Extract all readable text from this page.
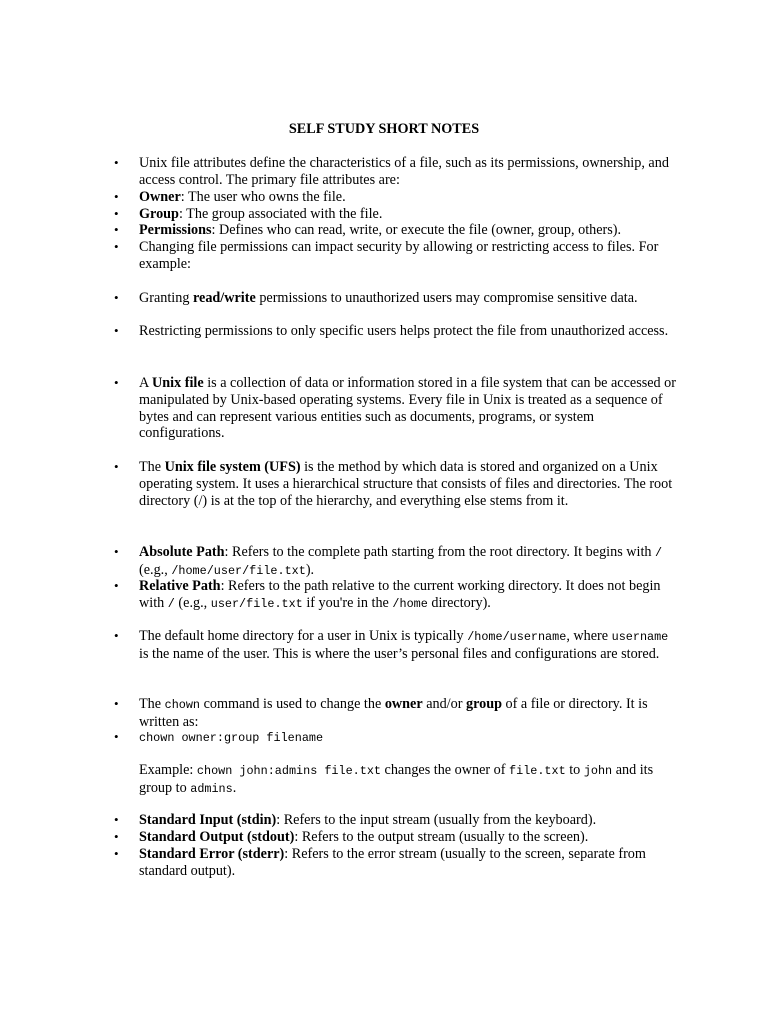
SELF STUDY SHORT NOTES
• Unix file attributes define the characteristics of a file, such as its permissions, ownership, and access control. The primary file attributes are:
• Owner: The user who owns the file.
• Group: The group associated with the file.
• Permissions: Defines who can read, write, or execute the file (owner, group, others).
• Changing file permissions can impact security by allowing or restricting access to files. For example:
• Granting read/write permissions to unauthorized users may compromise sensitive data.
• Restricting permissions to only specific users helps protect the file from unauthorized access.
• A Unix file is a collection of data or information stored in a file system that can be accessed or manipulated by Unix-based operating systems. Every file in Unix is treated as a sequence of bytes and can represent various entities such as documents, programs, or system configurations.
• The Unix file system (UFS) is the method by which data is stored and organized on a Unix operating system. It uses a hierarchical structure that consists of files and directories. The root directory (/) is at the top of the hierarchy, and everything else stems from it.
• Absolute Path: Refers to the complete path starting from the root directory. It begins with / (e.g., /home/user/file.txt).
• Relative Path: Refers to the path relative to the current working directory. It does not begin with / (e.g., user/file.txt if you're in the /home directory).
• The default home directory for a user in Unix is typically /home/username, where username is the name of the user. This is where the user’s personal files and configurations are stored.
• The chown command is used to change the owner and/or group of a file or directory. It is written as:
• chown owner:group filename
Example: chown john:admins file.txt changes the owner of file.txt to john and its group to admins.
• Standard Input (stdin): Refers to the input stream (usually from the keyboard).
• Standard Output (stdout): Refers to the output stream (usually to the screen).
• Standard Error (stderr): Refers to the error stream (usually to the screen, separate from standard output).
